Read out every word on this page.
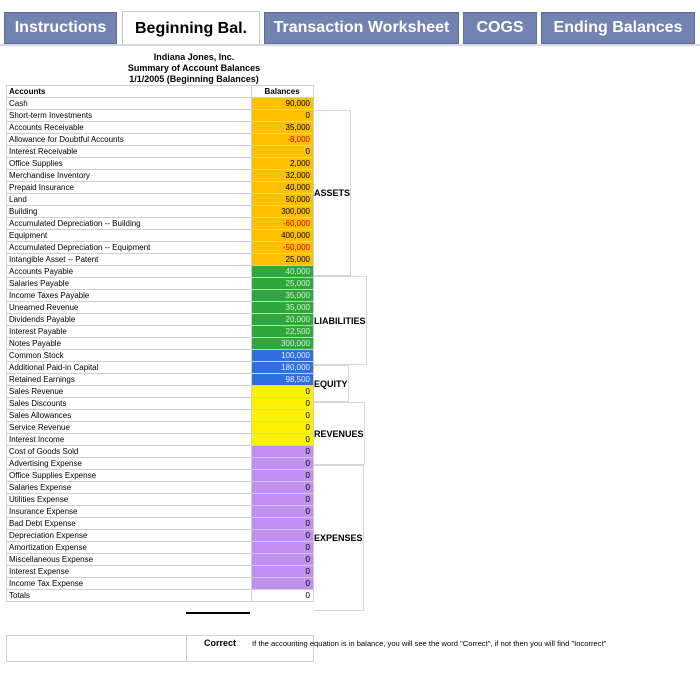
Instructions	Beginning Bal.	Transaction Worksheet	COGS	Ending Balances
Indiana Jones, Inc.	
Summary of Account Balances	
1/1/2005 (Beginning Balances)	
Accounts	Balances
Cash	90,000
Short-term Investments	0
Accounts Receivable	35,000
Allowance for Doubtful Accounts	-8,000
Interest Receivable	0
Office Supplies	2,000
Merchandise Inventory	32,000
Prepaid Insurance	40,000
Land	50,000
Building	300,000
Accumulated Depreciation -- Building	-60,000
Equipment	400,000
Accumulated Depreciation -- Equipment	-50,000
Intangible Asset -- Patent	25,000
Accounts Payable	40,000
Salaries Payable	25,000
Income Taxes Payable	35,000
Unearned Revenue	35,000
Dividends Payable	20,000
Interest Payable	22,500
Notes Payable	300,000
Common Stock	100,000
Additional Paid-in Capital	180,000
Retained Earnings	98,500
Sales Revenue	0
Sales Discounts	0
Sales Allowances	0
Service Revenue	0
Interest Income	0
Cost of Goods Sold	0
Advertising Expense	0
Office Supplies Expense	0
Salaries Expense	0
Utilities Expense	0
Insurance Expense	0
Bad Debt Expense	0
Depreciation Expense	0
Amortization Expense	0
Miscellaneous Expense	0
Interest Expense	0
Income Tax Expense	0
Totals	0
ASSETS
LIABILITIES
EQUITY
REVENUES
EXPENSES
Correct	If the accounting equation is in balance, you will see the word "Correct", if not then you will find "Incorrect"
